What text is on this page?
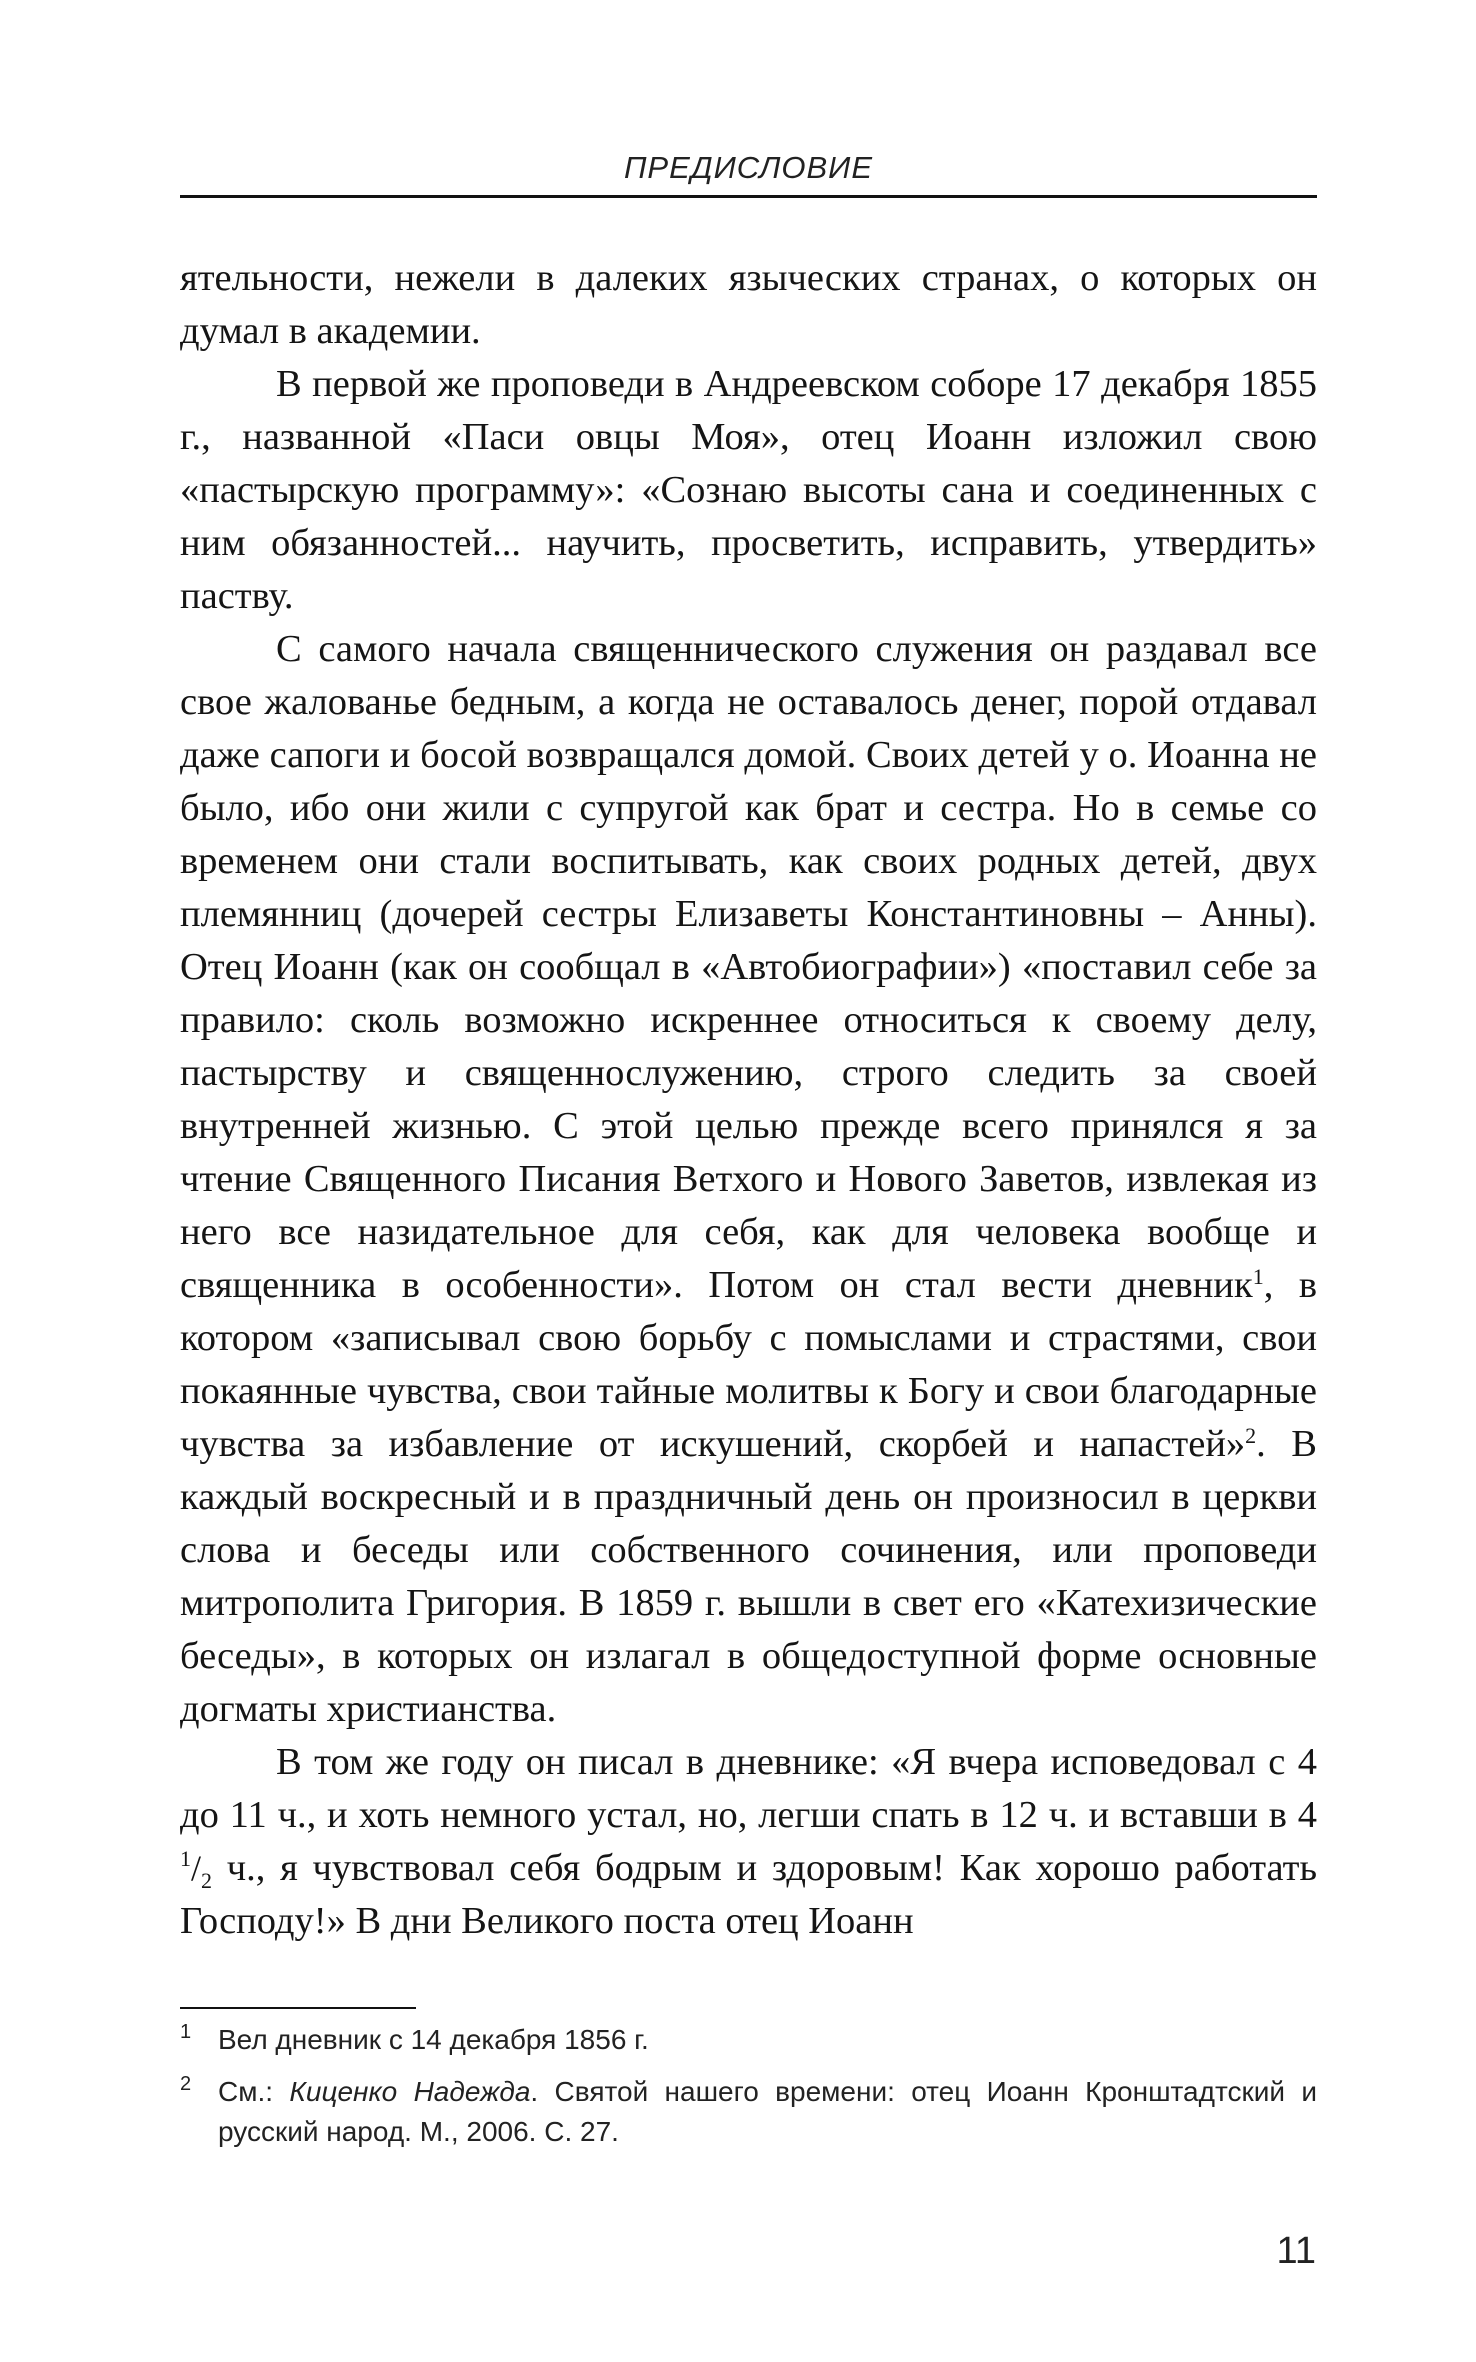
ПРЕДИСЛОВИЕ

ятельности, нежели в далеких языческих странах, о которых он думал в академии.

В первой же проповеди в Андреевском соборе 17 декабря 1855 г., названной «Паси овцы Моя», отец Иоанн изложил свою «пастырскую программу»: «Сознаю высоты сана и соединенных с ним обязанностей... научить, просветить, исправить, утвердить» паству.

С самого начала священнического служения он раздавал все свое жалованье бедным, а когда не оставалось денег, порой отдавал даже сапоги и босой возвращался домой. Своих детей у о. Иоанна не было, ибо они жили с супругой как брат и сестра. Но в семье со временем они стали воспитывать, как своих родных детей, двух племянниц (дочерей сестры Елизаветы Константиновны – Анны). Отец Иоанн (как он сообщал в «Автобиографии») «поставил себе за правило: сколь возможно искреннее относиться к своему делу, пастырству и священнослужению, строго следить за своей внутренней жизнью. С этой целью прежде всего принялся я за чтение Священного Писания Ветхого и Нового Заветов, извлекая из него все назидательное для себя, как для человека вообще и священника в особенности». Потом он стал вести дневник$^1$, в котором «записывал свою борьбу с помыслами и страстями, свои покаянные чувства, свои тайные молитвы к Богу и свои благодарные чувства за избавление от искушений, скорбей и напастей»$^2$. В каждый воскресный и в праздничный день он произносил в церкви слова и беседы или собственного сочинения, или проповеди митрополита Григория. В 1859 г. вышли в свет его «Катехизические беседы», в которых он излагал в общедоступной форме основные догматы христианства.

В том же году он писал в дневнике: «Я вчера исповедовал с 4 до 11 ч., и хоть немного устал, но, легши спать в 12 ч. и вставши в 4 $^1/_2$ ч., я чувствовал себя бодрым и здоровым! Как хорошо работать Господу!» В дни Великого поста отец Иоанн

1 Вел дневник с 14 декабря 1856 г.
2 См.: Киценко Надежда. Святой нашего времени: отец Иоанн Кронштадтский и русский народ. М., 2006. С. 27.
11
